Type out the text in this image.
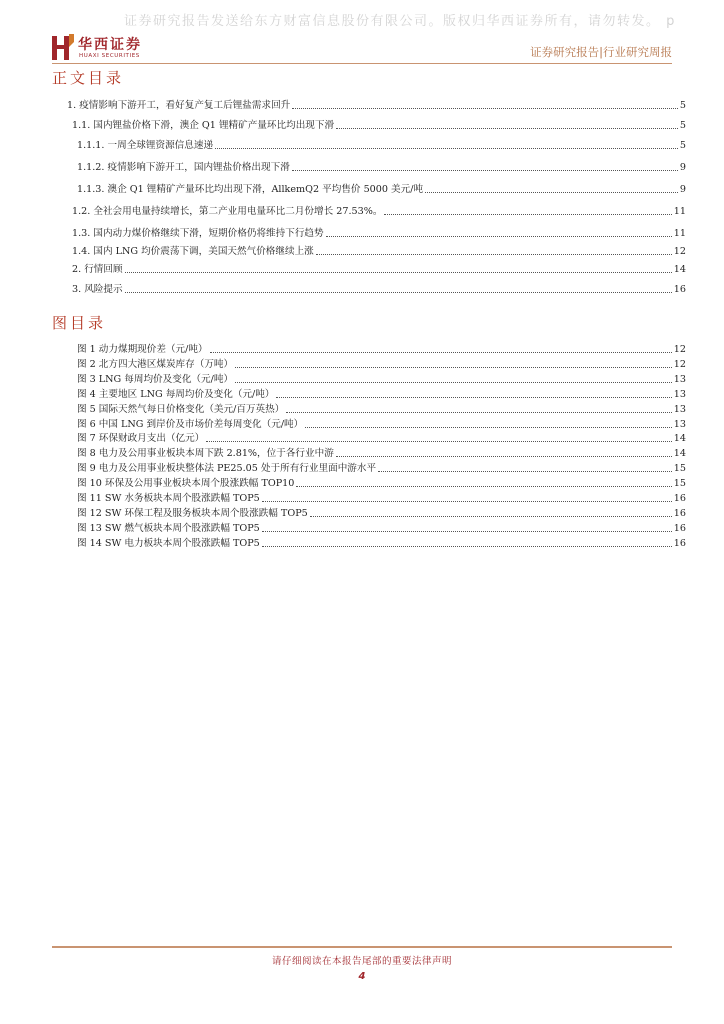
证券研究报告发送给东方财富信息股份有限公司。版权归华西证券所有，请勿转发。 p
华西证券
HUAXI SECURITIES	证券研究报告|行业研究周报
正文目录
1. 疫情影响下游开工，看好复产复工后锂盐需求回升	5
1.1. 国内锂盐价格下滑，澳企 Q1 锂精矿产量环比均出现下滑	5
1.1.1. 一周全球锂资源信息速递	5
1.1.2. 疫情影响下游开工，国内锂盐价格出现下滑	9
1.1.3. 澳企 Q1 锂精矿产量环比均出现下滑，AllkemQ2 平均售价 5000 美元/吨	9
1.2. 全社会用电量持续增长，第二产业用电量环比二月份增长 27.53%。	11
1.3. 国内动力煤价格继续下滑，短期价格仍将维持下行趋势	11
1.4. 国内 LNG 均价震荡下调，美国天然气价格继续上涨	12
2. 行情回顾	14
3. 风险提示	16
图目录
图 1 动力煤期现价差（元/吨）	12
图 2 北方四大港区煤炭库存（万吨）	12
图 3 LNG 每周均价及变化（元/吨）	13
图 4 主要地区 LNG 每周均价及变化（元/吨）	13
图 5 国际天然气每日价格变化（美元/百万英热）	13
图 6 中国 LNG 到岸价及市场价差每周变化（元/吨）	13
图 7 环保财政月支出（亿元）	14
图 8 电力及公用事业板块本周下跌 2.81%，位于各行业中游	14
图 9 电力及公用事业板块整体法 PE25.05 处于所有行业里面中游水平	15
图 10 环保及公用事业板块本周个股涨跌幅 TOP10	15
图 11 SW 水务板块本周个股涨跌幅 TOP5	16
图 12 SW 环保工程及服务板块本周个股涨跌幅 TOP5	16
图 13 SW 燃气板块本周个股涨跌幅 TOP5	16
图 14 SW 电力板块本周个股涨跌幅 TOP5	16
请仔细阅读在本报告尾部的重要法律声明
4
